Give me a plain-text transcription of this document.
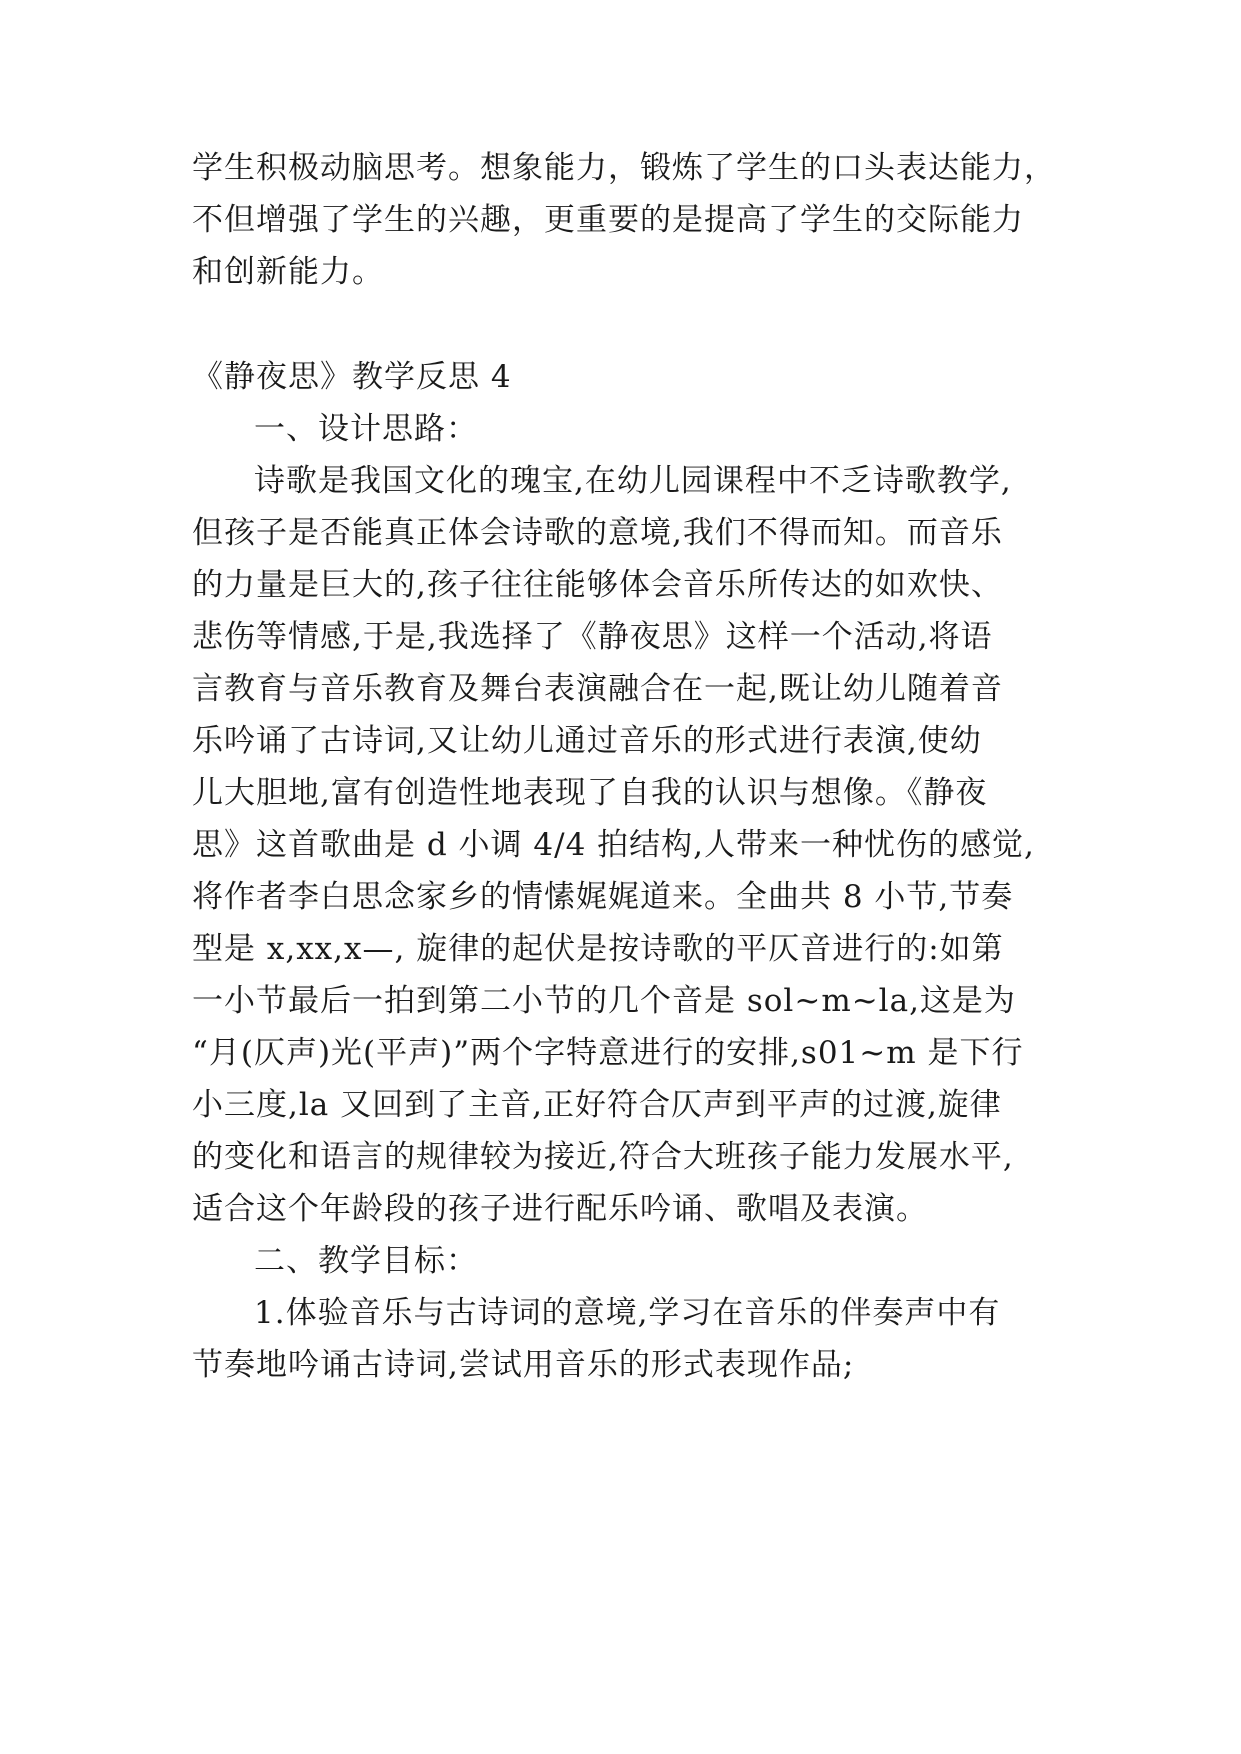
学生积极动脑思考。想象能力，锻炼了学生的口头表达能力，
不但增强了学生的兴趣，更重要的是提高了学生的交际能力
和创新能力。
《静夜思》教学反思 4
一、设计思路：
诗歌是我国文化的瑰宝,在幼儿园课程中不乏诗歌教学,
但孩子是否能真正体会诗歌的意境,我们不得而知。而音乐
的力量是巨大的,孩子往往能够体会音乐所传达的如欢快、
悲伤等情感,于是,我选择了《静夜思》这样一个活动,将语
言教育与音乐教育及舞台表演融合在一起,既让幼儿随着音
乐吟诵了古诗词,又让幼儿通过音乐的形式进行表演,使幼
儿大胆地,富有创造性地表现了自我的认识与想像。《静夜
思》这首歌曲是 d 小调 4/4 拍结构,人带来一种忧伤的感觉,
将作者李白思念家乡的情愫娓娓道来。全曲共 8 小节,节奏
型是 x,xx,x—, 旋律的起伏是按诗歌的平仄音进行的:如第
一小节最后一拍到第二小节的几个音是 sol~m~la,这是为
“月(仄声)光(平声)”两个字特意进行的安排,s01~m 是下行
小三度,la 又回到了主音,正好符合仄声到平声的过渡,旋律
的变化和语言的规律较为接近,符合大班孩子能力发展水平,
适合这个年龄段的孩子进行配乐吟诵、歌唱及表演。
二、教学目标：
1.体验音乐与古诗词的意境,学习在音乐的伴奏声中有
节奏地吟诵古诗词,尝试用音乐的形式表现作品;
